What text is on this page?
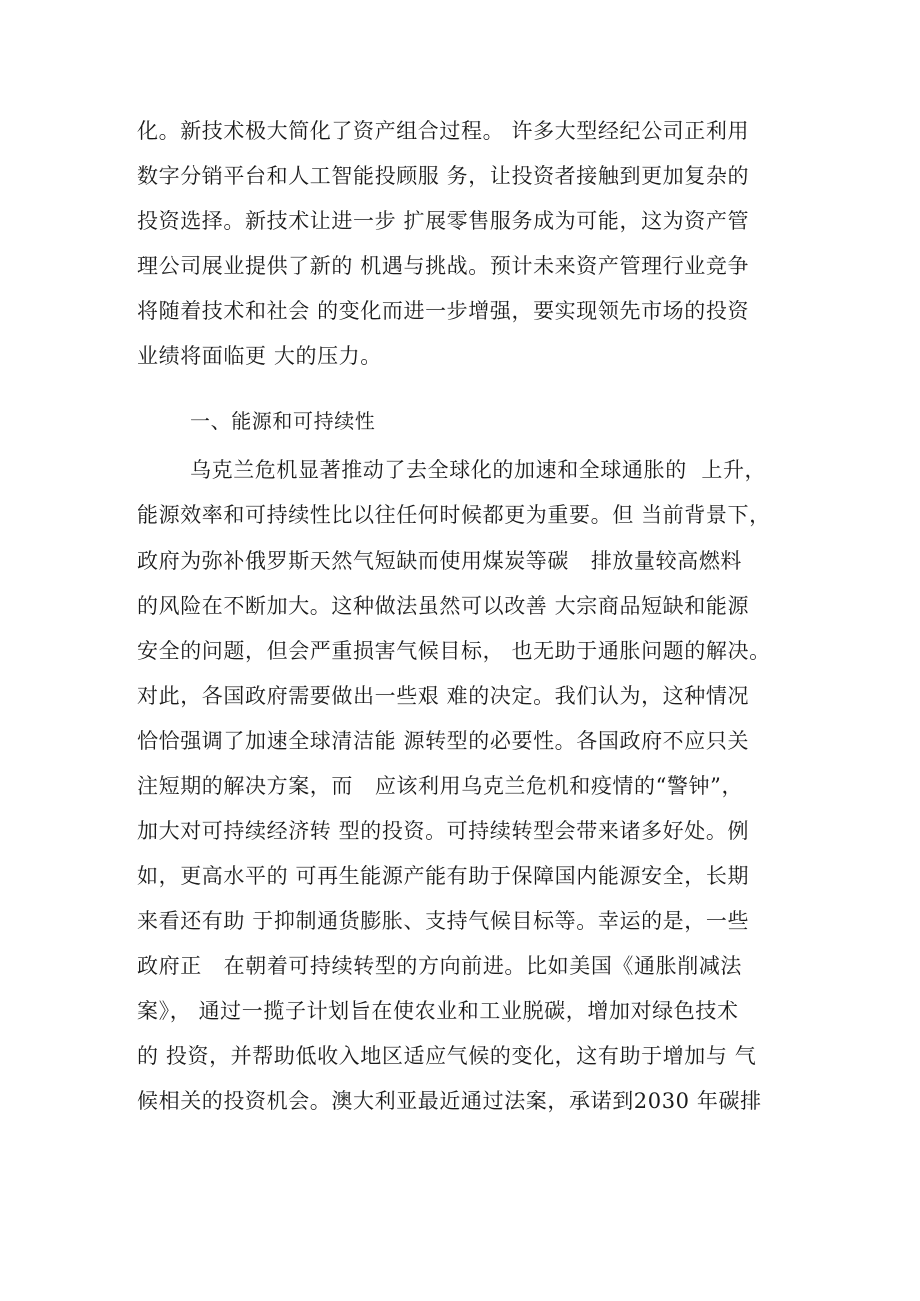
化。新技术极大简化了资产组合过程。 许多大型经纪公司正利用
数字分销平台和人工智能投顾服 务，让投资者接触到更加复杂的
投资选择。新技术让进一步 扩展零售服务成为可能，这为资产管
理公司展业提供了新的 机遇与挑战。预计未来资产管理行业竞争
将随着技术和社会 的变化而进一步增强，要实现领先市场的投资
业绩将面临更 大的压力。
一、能源和可持续性
乌克兰危机显著推动了去全球化的加速和全球通胀的  上升，
能源效率和可持续性比以往任何时候都更为重要。但 当前背景下，
政府为弥补俄罗斯天然气短缺而使用煤炭等碳   排放量较高燃料
的风险在不断加大。这种做法虽然可以改善 大宗商品短缺和能源
安全的问题，但会严重损害气候目标， 也无助于通胀问题的解决。
对此，各国政府需要做出一些艰 难的决定。我们认为，这种情况
恰恰强调了加速全球清洁能 源转型的必要性。各国政府不应只关
注短期的解决方案，而   应该利用乌克兰危机和疫情的“警钟”，
加大对可持续经济转 型的投资。可持续转型会带来诸多好处。例
如，更高水平的 可再生能源产能有助于保障国内能源安全，长期
来看还有助 于抑制通货膨胀、支持气候目标等。幸运的是，一些
政府正   在朝着可持续转型的方向前进。比如美国《通胀削减法
案》， 通过一揽子计划旨在使农业和工业脱碳，增加对绿色技术
的 投资，并帮助低收入地区适应气候的变化，这有助于增加与 气
候相关的投资机会。澳大利亚最近通过法案，承诺到2030 年碳排
